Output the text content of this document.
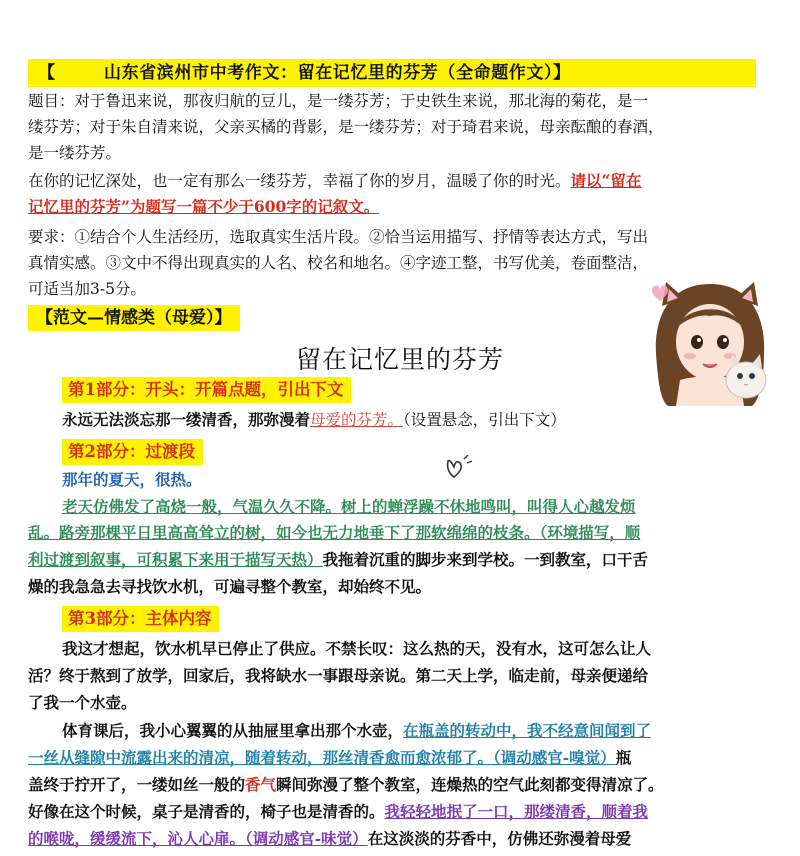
【	山东省滨州市中考作文：留在记忆里的芬芳（全命题作文）】
题目：对于鲁迅来说，那夜归航的豆儿，是一缕芬芳；于史铁生来说，那北海的菊花，是一
缕芬芳；对于朱自清来说，父亲买橘的背影，是一缕芬芳；对于琦君来说，母亲酝酿的春酒，
是一缕芬芳。
在你的记忆深处，也一定有那么一缕芬芳，幸福了你的岁月，温暖了你的时光。请以“留在
记忆里的芬芳”为题写一篇不少于600字的记叙文。
要求：①结合个人生活经历，选取真实生活片段。②恰当运用描写、抒情等表达方式，写出
真情实感。③文中不得出现真实的人名、校名和地名。④字迹工整，书写优美，卷面整洁，
可适当加3-5分。
【范文—情感类（母爱）】
留在记忆里的芬芳
第1部分：开头：开篇点题，引出下文
永远无法淡忘那一缕清香，那弥漫着母爱的芬芳。（设置悬念，引出下文）
第2部分：过渡段
那年的夏天，很热。
老天仿佛发了高烧一般，气温久久不降。树上的蝉浮躁不休地鸣叫，叫得人心越发烦
乱。路旁那棵平日里高高耸立的树，如今也无力地垂下了那软绵绵的枝条。（环境描写，顺
利过渡到叙事，可积累下来用于描写天热）我拖着沉重的脚步来到学校。一到教室，口干舌
燥的我急急去寻找饮水机，可遍寻整个教室，却始终不见。
第3部分：主体内容
我这才想起，饮水机早已停止了供应。不禁长叹：这么热的天，没有水，这可怎么让人
活？终于熬到了放学，回家后，我将缺水一事跟母亲说。第二天上学，临走前，母亲便递给
了我一个水壶。
体育课后，我小心翼翼的从抽屉里拿出那个水壶，在瓶盖的转动中，我不经意间闻到了
一丝从缝隙中流露出来的清凉，随着转动，那丝清香愈而愈浓郁了。（调动感官-嗅觉）瓶
盖终于拧开了，一缕如丝一般的香气瞬间弥漫了整个教室，连燥热的空气此刻都变得清凉了。
好像在这个时候，桌子是清香的，椅子也是清香的。我轻轻地抿了一口，那缕清香，顺着我
的喉咙，缓缓流下，沁人心扉。（调动感官-味觉）在这淡淡的芬香中，仿佛还弥漫着母爱
